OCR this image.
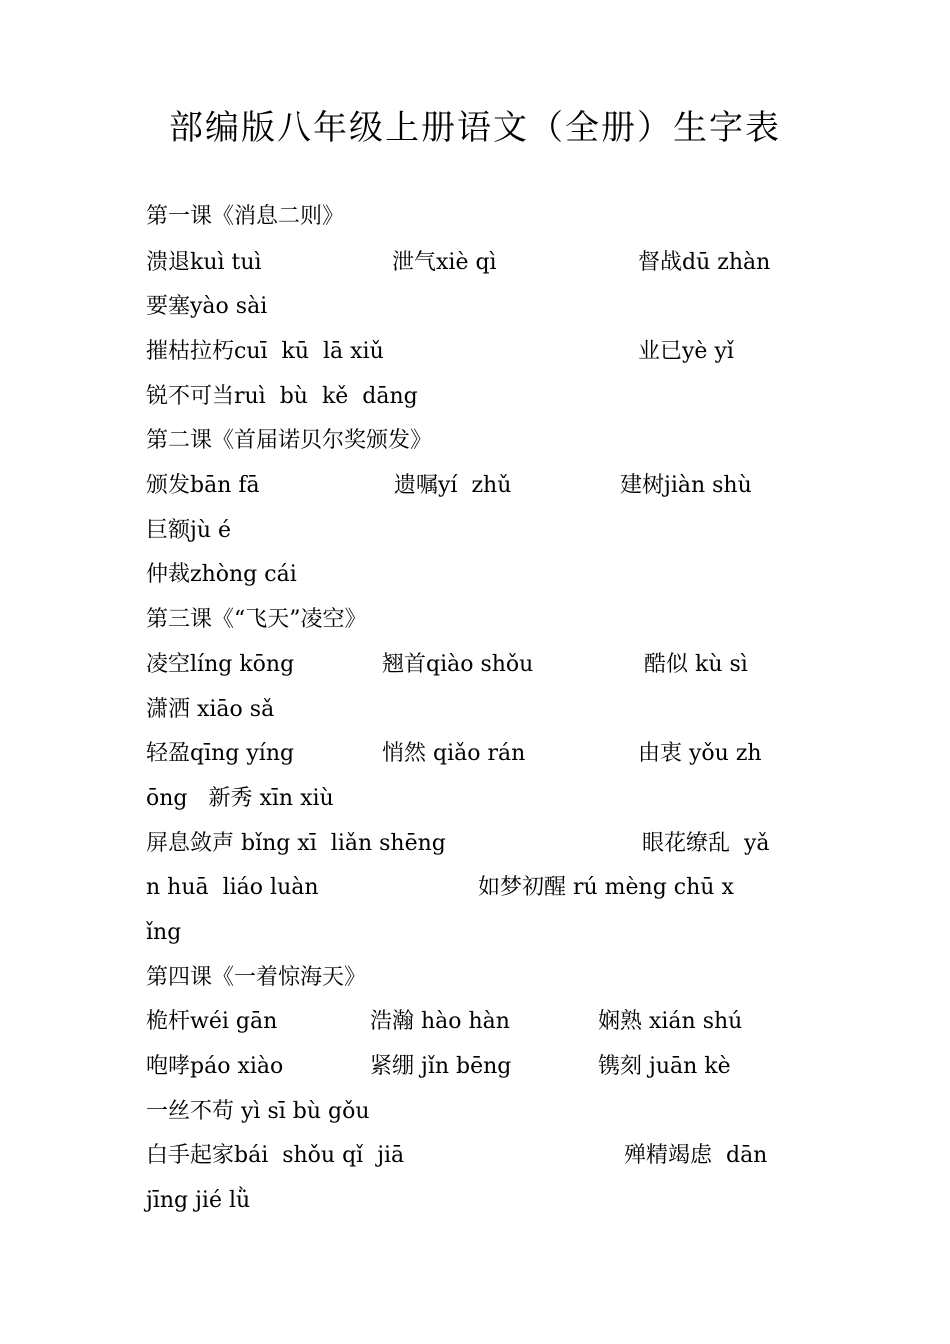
部编版八年级上册语文（全册）生字表
第一课《消息二则》
溃退kuì tuì	泄气xiè qì	督战dū zhàn
要塞yào sài
摧枯拉朽cuī  kū  lā xiǔ	业已yè yǐ
锐不可当ruì  bù  kě  dāng
第二课《首届诺贝尔奖颁发》
颁发bān fā	遗嘱yí  zhǔ	建树jiàn shù
巨额jù é
仲裁zhòng cái
第三课《“飞天”凌空》
凌空líng kōng	翘首qiào shǒu	酷似 kù sì
潇洒 xiāo sǎ
轻盈qīng yíng	悄然 qiǎo rán	由衷 yǒu zh
ōng   新秀 xīn xiù
屏息敛声 bǐng xī  liǎn shēng	眼花缭乱  yǎ
n huā  liáo luàn	如梦初醒 rú mèng chū x
ǐng
第四课《一着惊海天》
桅杆wéi gān	浩瀚 hào hàn	娴熟 xián shú
咆哮páo xiào	紧绷 jǐn bēng	镌刻 juān kè
一丝不苟 yì sī bù gǒu
白手起家bái  shǒu qǐ  jiā	殚精竭虑  dān
jīng jié lǜ
